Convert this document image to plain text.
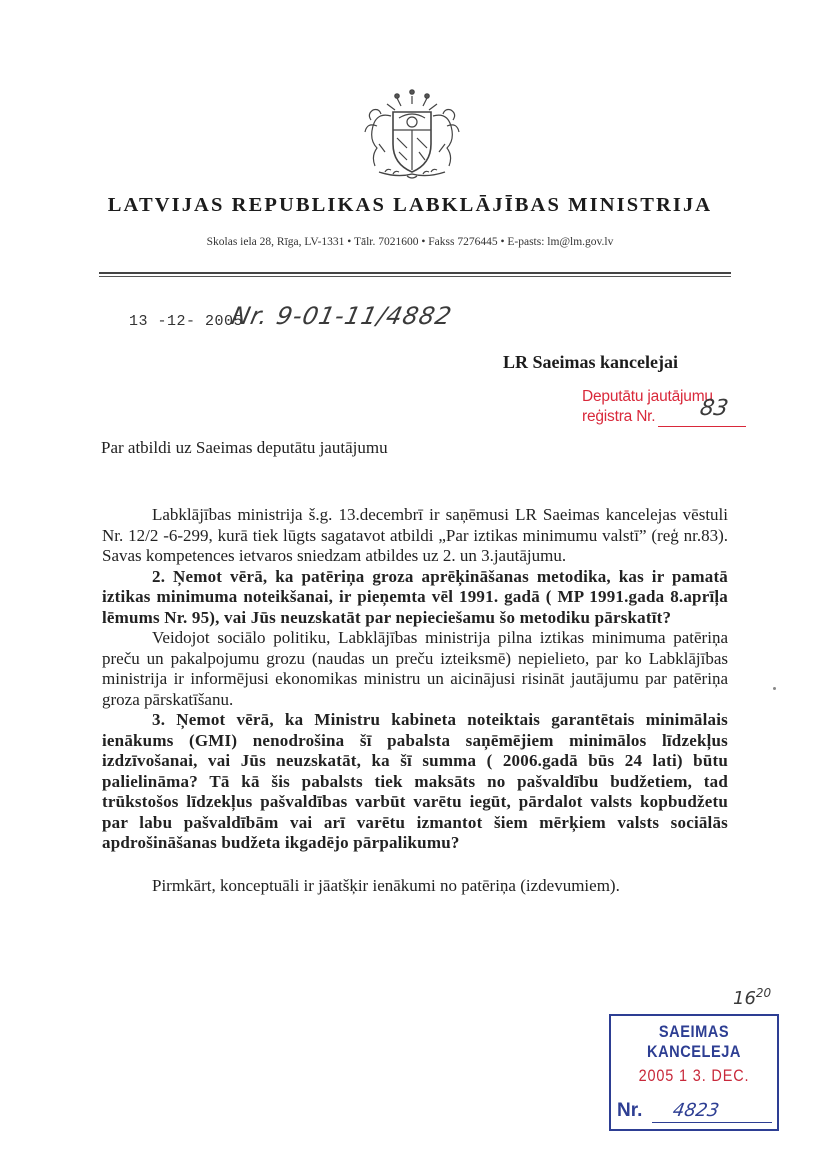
LATVIJAS REPUBLIKAS LABKLĀJĪBAS MINISTRIJA
Skolas iela 28, Rīga, LV-1331 • Tālr. 7021600 • Fakss 7276445 • E-pasts: lm@lm.gov.lv
13 -12- 2005
Nr. 9-01-11/4882
LR Saeimas kancelejai
Deputātu jautājumu
reģistra Nr. 83
Par atbildi uz Saeimas deputātu jautājumu

Labklājības ministrija š.g. 13.decembrī ir saņēmusi LR Saeimas kancelejas vēstuli Nr. 12/2 -6-299, kurā tiek lūgts sagatavot atbildi „Par iztikas minimumu valstī” (reģ nr.83). Savas kompetences ietvaros sniedzam atbildes uz 2. un 3.jautājumu.

2. Ņemot vērā, ka patēriņa groza aprēķināšanas metodika, kas ir pamatā iztikas minimuma noteikšanai, ir pieņemta vēl 1991. gadā ( MP 1991.gada 8.aprīļa lēmums Nr. 95), vai Jūs neuzskatāt par nepieciešamu šo metodiku pārskatīt?

Veidojot sociālo politiku, Labklājības ministrija pilna iztikas minimuma patēriņa preču un pakalpojumu grozu (naudas un preču izteiksmē) nepielieto, par ko Labklājības ministrija ir informējusi ekonomikas ministru un aicinājusi risināt jautājumu par patēriņa groza pārskatīšanu.

3. Ņemot vērā, ka Ministru kabineta noteiktais garantētais minimālais ienākums (GMI) nenodrošina šī pabalsta saņēmējiem minimālos līdzekļus izdzīvošanai, vai Jūs neuzskatāt, ka šī summa ( 2006.gadā būs 24 lati) būtu palielināma? Tā kā šis pabalsts tiek maksāts no pašvaldību budžetiem, tad trūkstošos līdzekļus pašvaldības varbūt varētu iegūt, pārdalot valsts kopbudžetu par labu pašvaldībām vai arī varētu izmantot šiem mērķiem valsts sociālās apdrošināšanas budžeta ikgadējo pārpalikumu?

Pirmkārt, konceptuāli ir jāatšķir ienākumi no patēriņa (izdevumiem).

$16^{20}$
SAEIMAS KANCELEJA
2005 1 3. DEC.
Nr. 4823
